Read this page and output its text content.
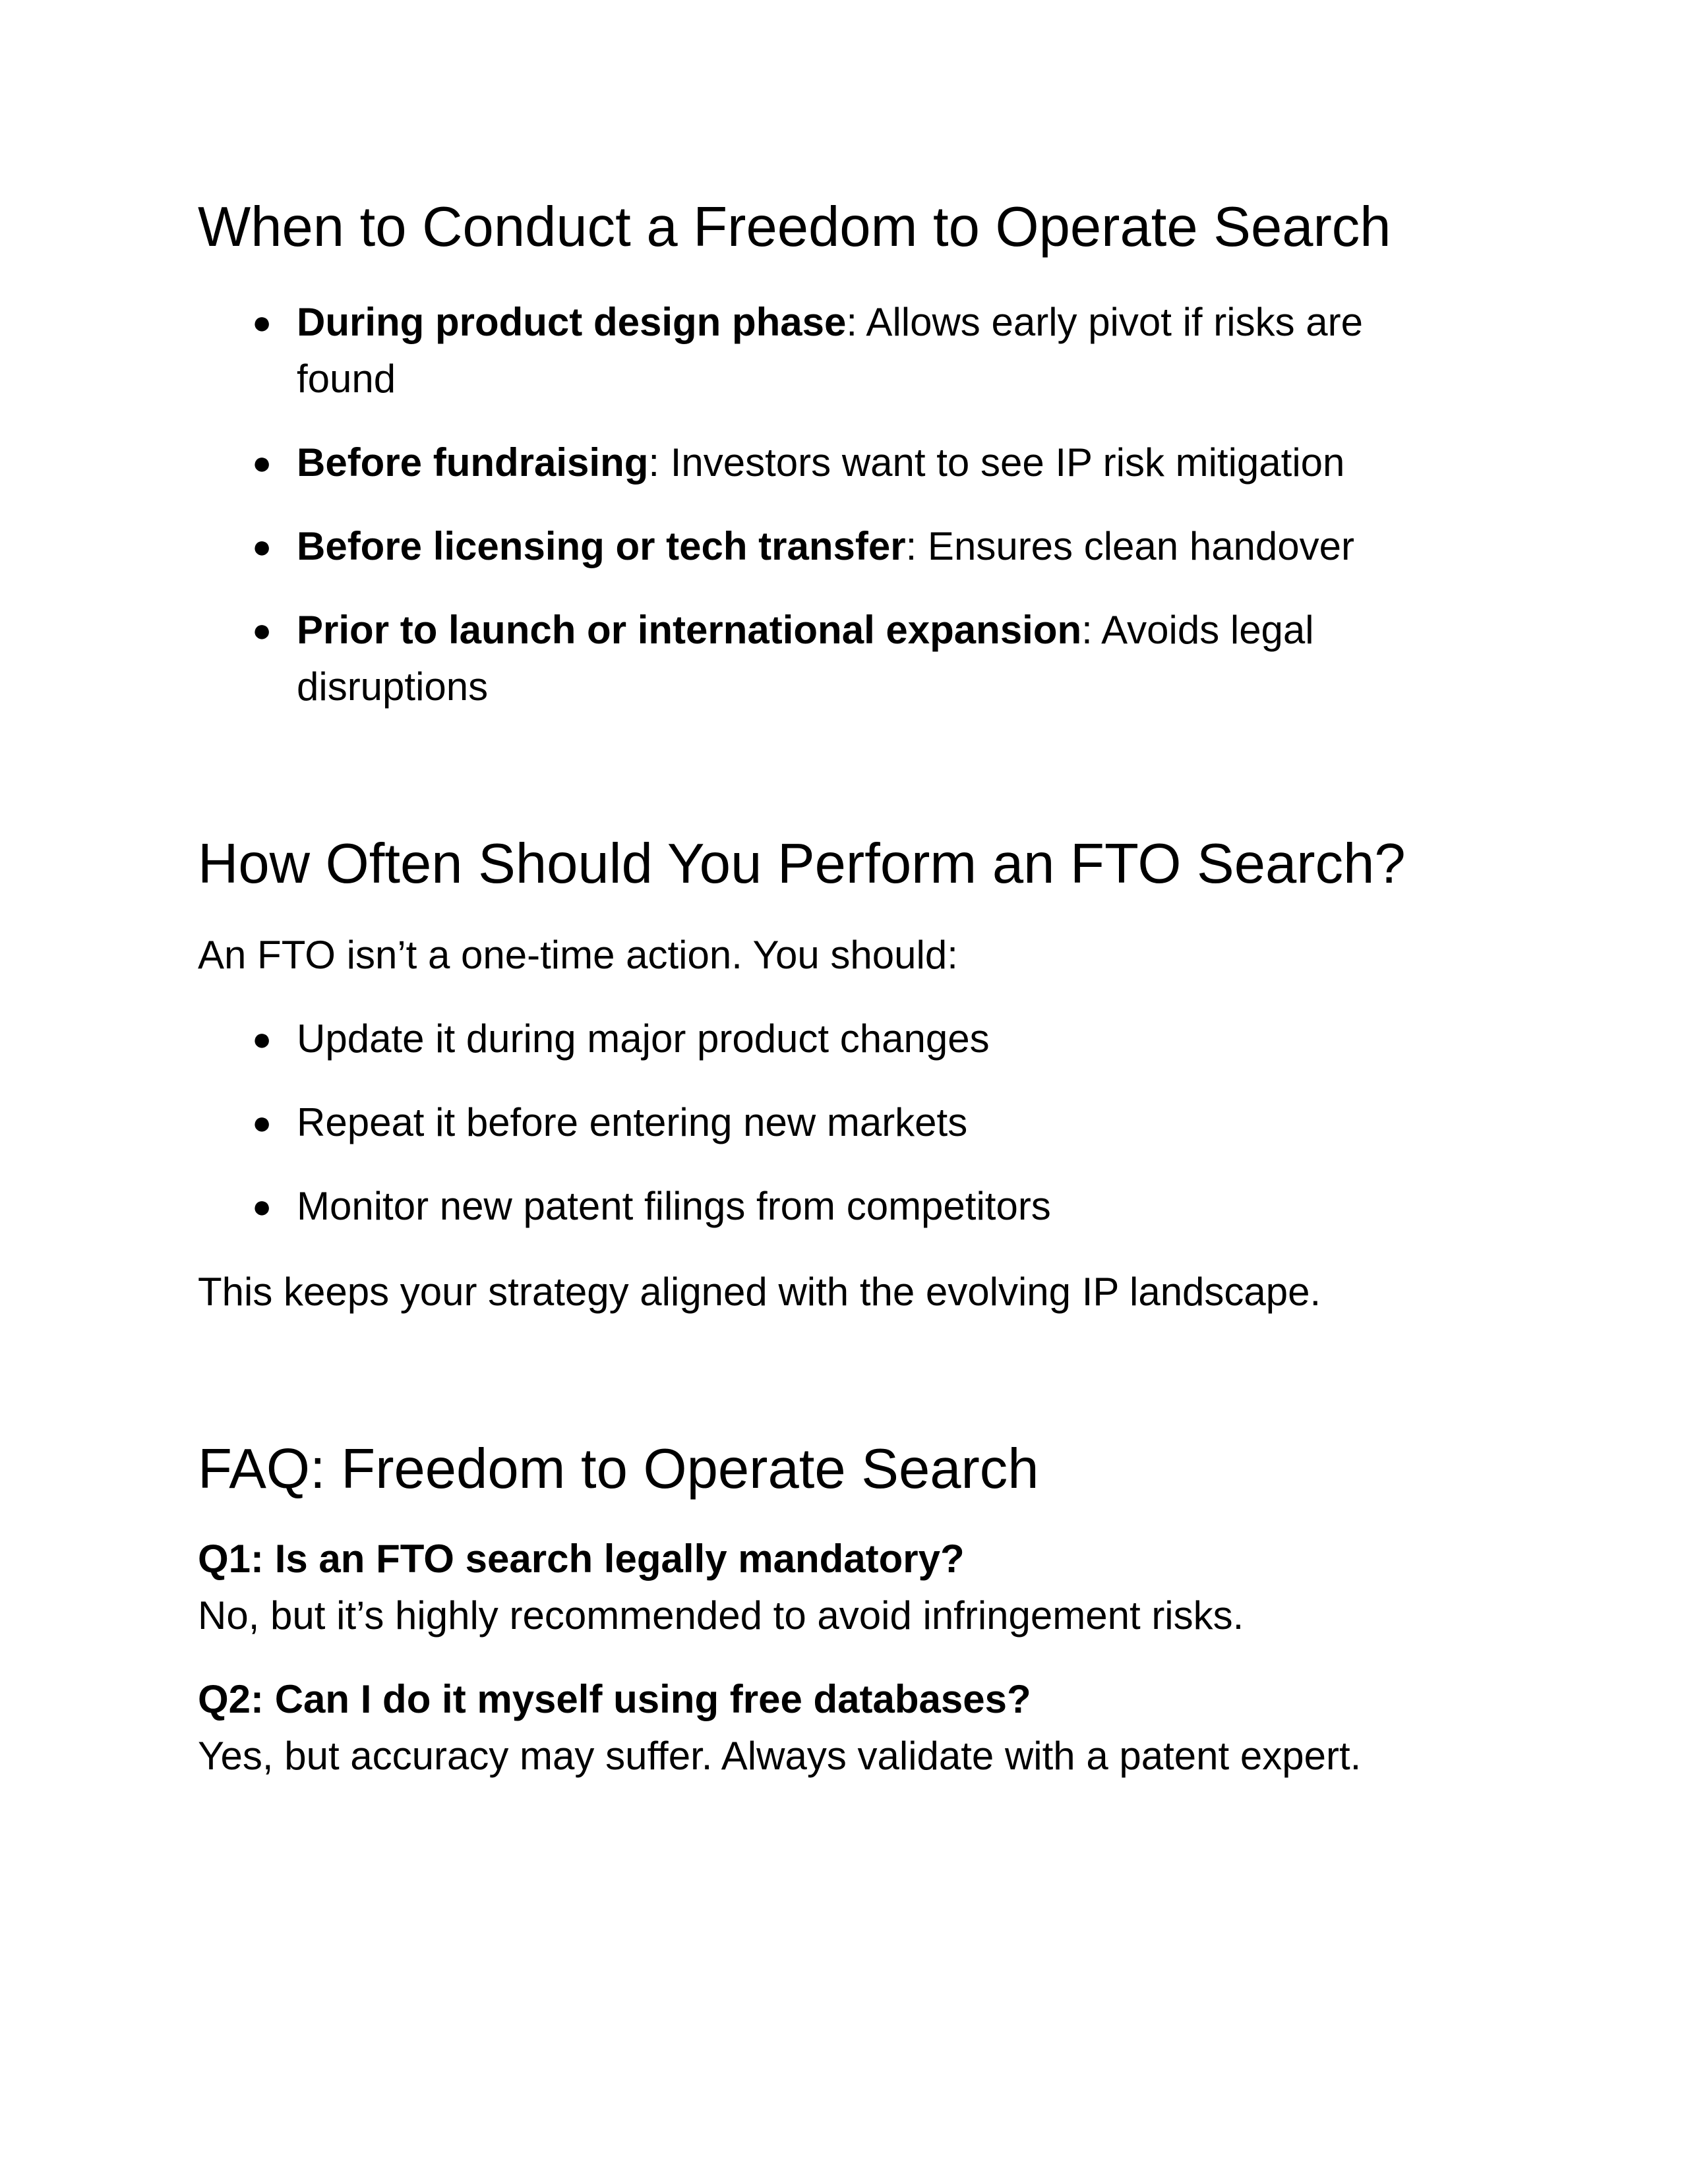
When to Conduct a Freedom to Operate Search
● During product design phase: Allows early pivot if risks are found
● Before fundraising: Investors want to see IP risk mitigation
● Before licensing or tech transfer: Ensures clean handover
● Prior to launch or international expansion: Avoids legal disruptions
How Often Should You Perform an FTO Search?
An FTO isn’t a one-time action. You should:
● Update it during major product changes
● Repeat it before entering new markets
● Monitor new patent filings from competitors
This keeps your strategy aligned with the evolving IP landscape.
FAQ: Freedom to Operate Search
Q1: Is an FTO search legally mandatory?
No, but it’s highly recommended to avoid infringement risks.
Q2: Can I do it myself using free databases?
Yes, but accuracy may suffer. Always validate with a patent expert.
